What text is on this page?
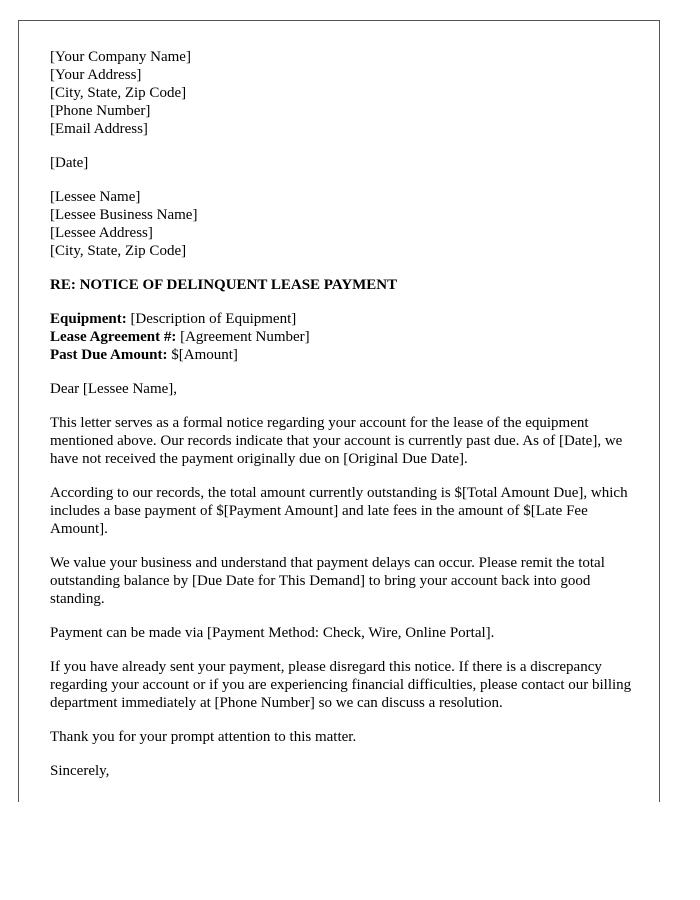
[Your Company Name]
[Your Address]
[City, State, Zip Code]
[Phone Number]
[Email Address]
[Date]
[Lessee Name]
[Lessee Business Name]
[Lessee Address]
[City, State, Zip Code]
RE: NOTICE OF DELINQUENT LEASE PAYMENT
Equipment: [Description of Equipment]
Lease Agreement #: [Agreement Number]
Past Due Amount: $[Amount]

Dear [Lessee Name],

This letter serves as a formal notice regarding your account for the lease of the equipment mentioned above. Our records indicate that your account is currently past due. As of [Date], we have not received the payment originally due on [Original Due Date].

According to our records, the total amount currently outstanding is $[Total Amount Due], which includes a base payment of $[Payment Amount] and late fees in the amount of $[Late Fee Amount].

We value your business and understand that payment delays can occur. Please remit the total outstanding balance by [Due Date for This Demand] to bring your account back into good standing.

Payment can be made via [Payment Method: Check, Wire, Online Portal].

If you have already sent your payment, please disregard this notice. If there is a discrepancy regarding your account or if you are experiencing financial difficulties, please contact our billing department immediately at [Phone Number] so we can discuss a resolution.

Thank you for your prompt attention to this matter.

Sincerely,
